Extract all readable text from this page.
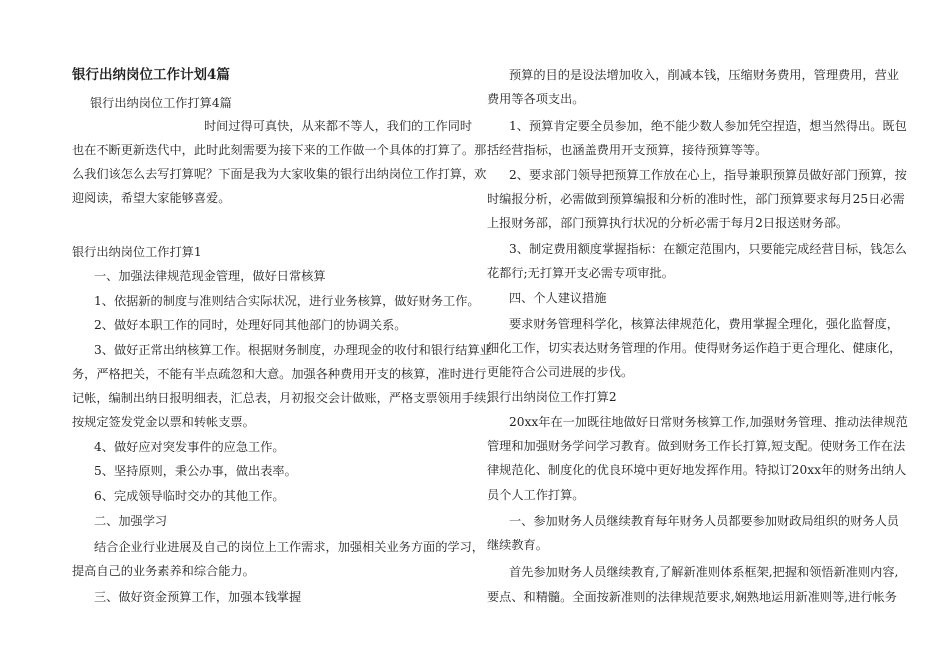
银行出纳岗位工作计划4篇
银行出纳岗位工作打算4篇
时间过得可真快，从来都不等人，我们的工作同时
也在不断更新迭代中，此时此刻需要为接下来的工作做一个具体的打算了。那
么我们该怎么去写打算呢？下面是我为大家收集的银行出纳岗位工作打算，欢
迎阅读，希望大家能够喜爱。
银行出纳岗位工作打算1
一、加强法律规范现金管理，做好日常核算
1、依据新的制度与准则结合实际状况，进行业务核算，做好财务工作。
2、做好本职工作的同时，处理好同其他部门的协调关系。
3、做好正常出纳核算工作。根据财务制度，办理现金的收付和银行结算业
务，严格把关，不能有半点疏忽和大意。加强各种费用开支的核算，准时进行
记帐，编制出纳日报明细表，汇总表，月初报交会计做账，严格支票领用手续,
按规定签发党金以票和转帐支票。
4、做好应对突发事件的应急工作。
5、坚持原则，秉公办事，做出表率。
6、完成领导临时交办的其他工作。
二、加强学习
结合企业行业进展及自己的岗位上工作需求，加强相关业务方面的学习，
提高自己的业务素养和综合能力。
三、做好资金预算工作，加强本钱掌握
预算的目的是设法增加收入，削减本钱，压缩财务费用，管理费用，营业
费用等各项支出。
1、预算肯定要全员参加，绝不能少数人参加凭空捏造，想当然得出。既包
括经营指标，也涵盖费用开支预算，接待预算等等。
2、要求部门领导把预算工作放在心上，指导兼职预算员做好部门预算，按
时编报分析，必需做到预算编报和分析的准时性，部门预算要求每月25日必需
上报财务部，部门预算执行状况的分析必需于每月2日报送财务部。
3、制定费用额度掌握指标：在额定范围内，只要能完成经营目标，钱怎么
花都行;无打算开支必需专项审批。
四、个人建议措施
要求财务管理科学化，核算法律规范化，费用掌握全理化，强化监督度，
细化工作，切实表达财务管理的作用。使得财务运作趋于更合理化、健康化，
更能符合公司进展的步伐。
银行出纳岗位工作打算2
20xx年在一加既往地做好日常财务核算工作,加强财务管理、推动法律规范
管理和加强财务学问学习教育。做到财务工作长打算,短支配。使财务工作在法
律规范化、制度化的优良环境中更好地发挥作用。特拟订20xx年的财务出纳人
员个人工作打算。
一、参加财务人员继续教育每年财务人员都要参加财政局组织的财务人员
继续教育。
首先参加财务人员继续教育,了解新准则体系框架,把握和领悟新准则内容,
要点、和精髓。全面按新准则的法律规范要求,娴熟地运用新准则等,进行帐务
